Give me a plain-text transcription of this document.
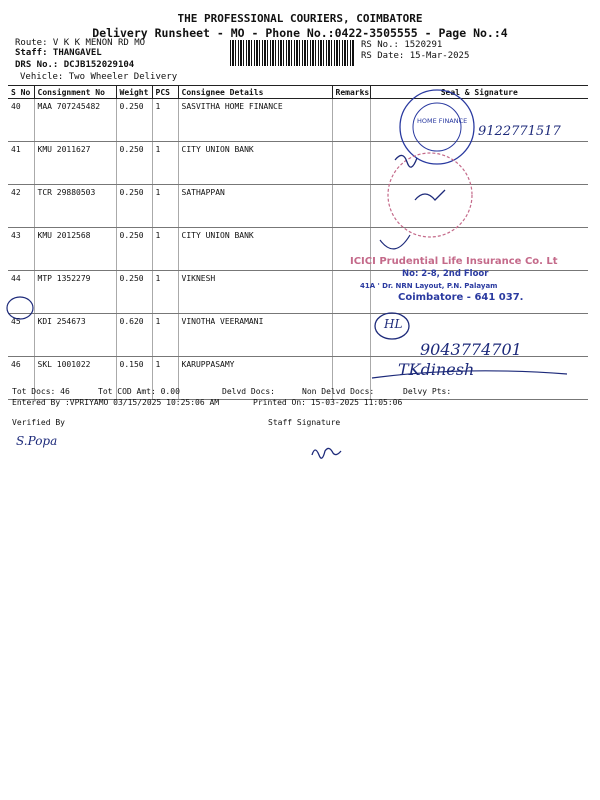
THE PROFESSIONAL COURIERS, COIMBATORE
Delivery Runsheet - MO - Phone No.:0422-3505555 - Page No.:4
Route: V K K MENON RD MO
Staff: THANGAVEL
DRS No.: DCJB152029104
Vehicle: Two Wheeler Delivery
RS No.: 1520291
RS Date: 15-Mar-2025
S No	Consignment No	Weight	PCS	Consignee Details	Remarks	Seal & Signature
40	MAA 707245482	0.250	1	SASVITHA HOME FINANCE		
41	KMU 2011627	0.250	1	CITY UNION BANK		
42	TCR 29880503	0.250	1	SATHAPPAN		
43	KMU 2012568	0.250	1	CITY UNION BANK		
44	MTP 1352279	0.250	1	VIKNESH		
45	KDI 254673	0.620	1	VINOTHA VEERAMANI		
46	SKL 1001022	0.150	1	KARUPPASAMY		
Tot Docs: 46	Tot COD Amt: 0.00	Delvd Docs:	Non Delvd Docs:	Delvy Pts:
Entered By :VPRIYAMO 03/15/2025 10:25:06 AM	Printed On: 15-03-2025 11:05:06
Verified By	Staff Signature
HOME FINANCE
9122771517
ICICI Prudential Life Insurance Co. Lt
No: 2-8, 2nd Floor
41A ' Dr. NRN Layout, P.N. Palayam
Coimbatore - 641 037.
HL
9043774701
TKdinesh
S.Popa
